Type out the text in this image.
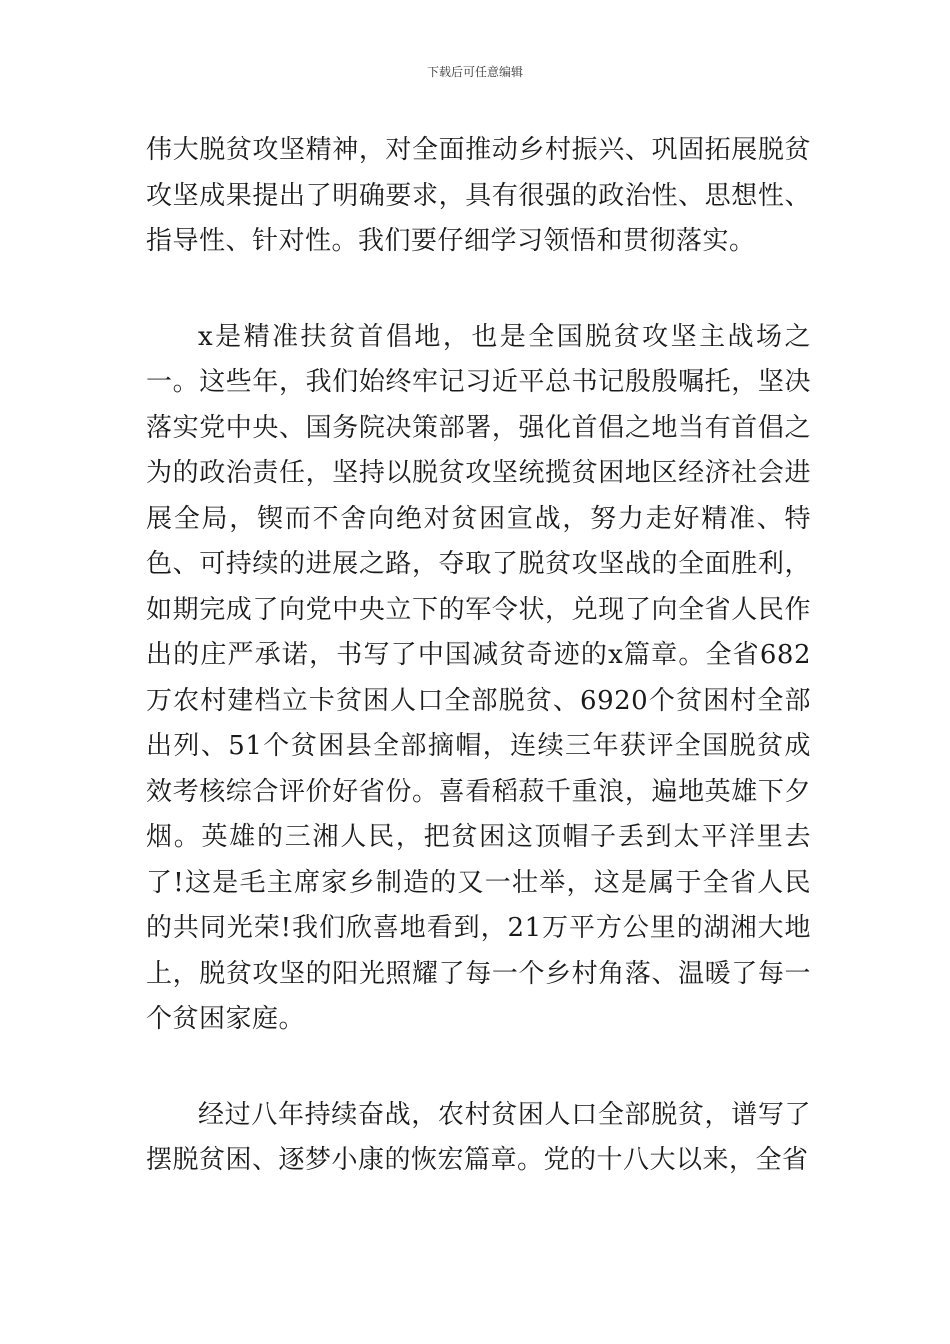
下载后可任意编辑

伟大脱贫攻坚精神，对全面推动乡村振兴、巩固拓展脱贫攻坚成果提出了明确要求，具有很强的政治性、思想性、指导性、针对性。我们要仔细学习领悟和贯彻落实。

x是精准扶贫首倡地，也是全国脱贫攻坚主战场之一。这些年，我们始终牢记习近平总书记殷殷嘱托，坚决落实党中央、国务院决策部署，强化首倡之地当有首倡之为的政治责任，坚持以脱贫攻坚统揽贫困地区经济社会进展全局，锲而不舍向绝对贫困宣战，努力走好精准、特色、可持续的进展之路，夺取了脱贫攻坚战的全面胜利，如期完成了向党中央立下的军令状，兑现了向全省人民作出的庄严承诺，书写了中国减贫奇迹的x篇章。全省682万农村建档立卡贫困人口全部脱贫、6920个贫困村全部出列、51个贫困县全部摘帽，连续三年获评全国脱贫成效考核综合评价好省份。喜看稻菽千重浪，遍地英雄下夕烟。英雄的三湘人民，把贫困这顶帽子丢到太平洋里去了!这是毛主席家乡制造的又一壮举，这是属于全省人民的共同光荣!我们欣喜地看到，21万平方公里的湖湘大地上，脱贫攻坚的阳光照耀了每一个乡村角落、温暖了每一个贫困家庭。

经过八年持续奋战，农村贫困人口全部脱贫，谱写了摆脱贫困、逐梦小康的恢宏篇章。党的十八大以来，全省
